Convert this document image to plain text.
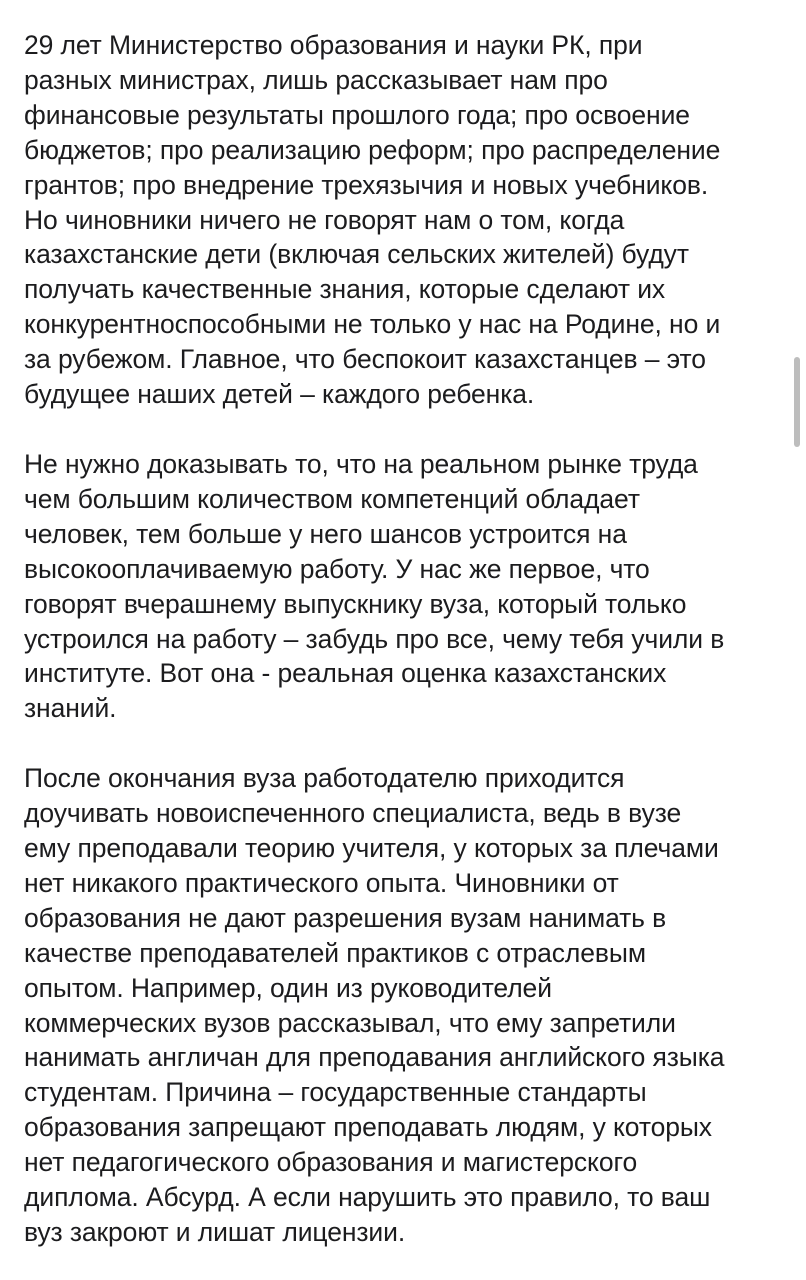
29 лет Министерство образования и науки РК, при
разных министрах, лишь рассказывает нам про
финансовые результаты прошлого года; про освоение
бюджетов; про реализацию реформ; про распределение
грантов; про внедрение трехязычия и новых учебников.
Но чиновники ничего не говорят нам о том, когда
казахстанские дети (включая сельских жителей) будут
получать качественные знания, которые сделают их
конкурентноспособными не только у нас на Родине, но и
за рубежом. Главное, что беспокоит казахстанцев – это
будущее наших детей – каждого ребенка.

Не нужно доказывать то, что на реальном рынке труда
чем большим количеством компетенций обладает
человек, тем больше у него шансов устроится на
высокооплачиваемую работу. У нас же первое, что
говорят вчерашнему выпускнику вуза, который только
устроился на работу – забудь про все, чему тебя учили в
институте. Вот она - реальная оценка казахстанских
знаний.

После окончания вуза работодателю приходится
доучивать новоиспеченного специалиста, ведь в вузе
ему преподавали теорию учителя, у которых за плечами
нет никакого практического опыта. Чиновники от
образования не дают разрешения вузам нанимать в
качестве преподавателей практиков с отраслевым
опытом. Например, один из руководителей
коммерческих вузов рассказывал, что ему запретили
нанимать англичан для преподавания английского языка
студентам. Причина – государственные стандарты
образования запрещают преподавать людям, у которых
нет педагогического образования и магистерского
диплома. Абсурд. А если нарушить это правило, то ваш
вуз закроют и лишат лицензии.
